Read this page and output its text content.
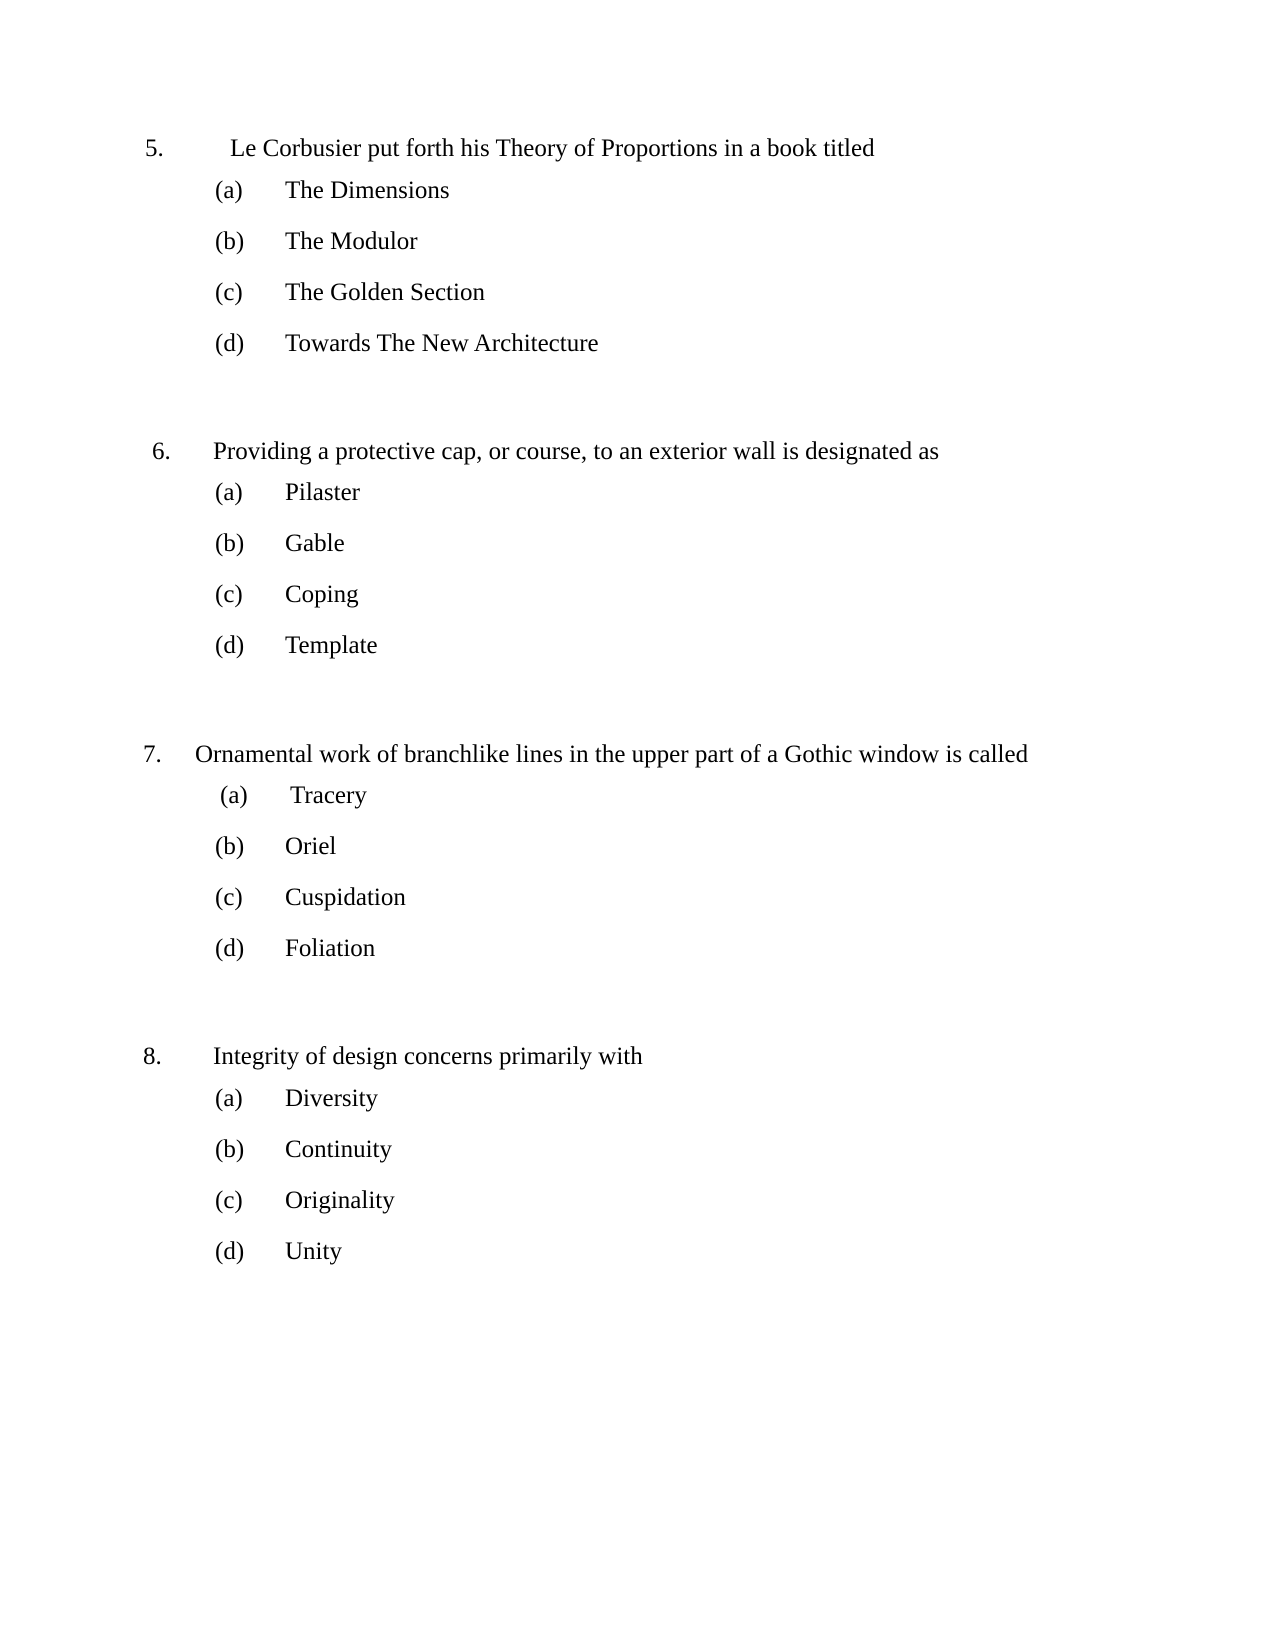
5.	Le Corbusier put forth his Theory of Proportions in a book titled
(a)	The Dimensions
(b)	The Modulor
(c)	The Golden Section
(d)	Towards The New Architecture
6.	Providing a protective cap, or course, to an exterior wall is designated as
(a)	Pilaster
(b)	Gable
(c)	Coping
(d)	Template
7. Ornamental work of branchlike lines in the upper part of a Gothic window is called
(a)	Tracery
(b)	Oriel
(c)	Cuspidation
(d)	Foliation
8.	Integrity of design concerns primarily with
(a)	Diversity
(b)	Continuity
(c)	Originality
(d)	Unity
